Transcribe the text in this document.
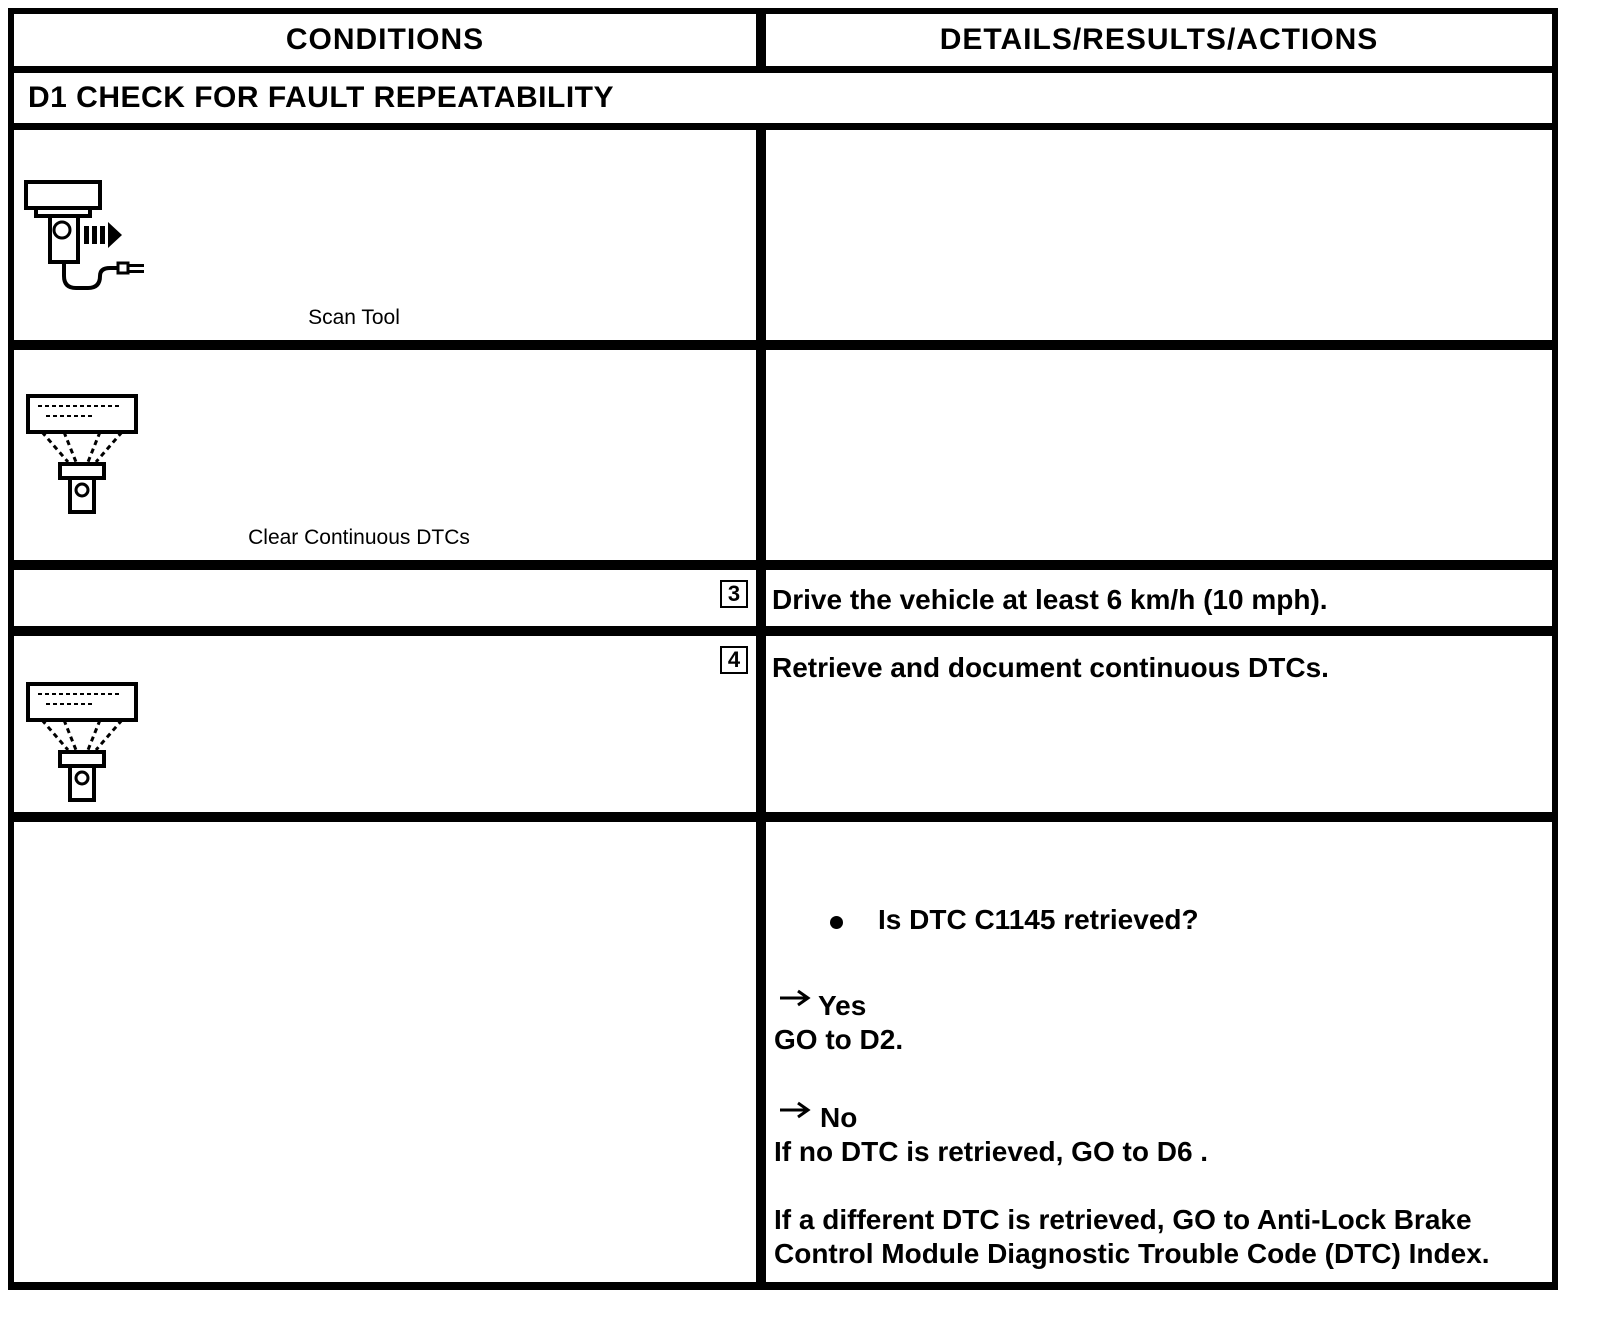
CONDITIONS	DETAILS/RESULTS/ACTIONS
D1 CHECK FOR FAULT REPEATABILITY
Scan Tool
Clear Continuous DTCs
3 Drive the vehicle at least 6 km/h (10 mph).
4 Retrieve and document continuous DTCs.
Is DTC C1145 retrieved?
Yes
GO to D2.
No
If no DTC is retrieved, GO to D6 .
If a different DTC is retrieved, GO to Anti-Lock Brake
Control Module Diagnostic Trouble Code (DTC) Index.
